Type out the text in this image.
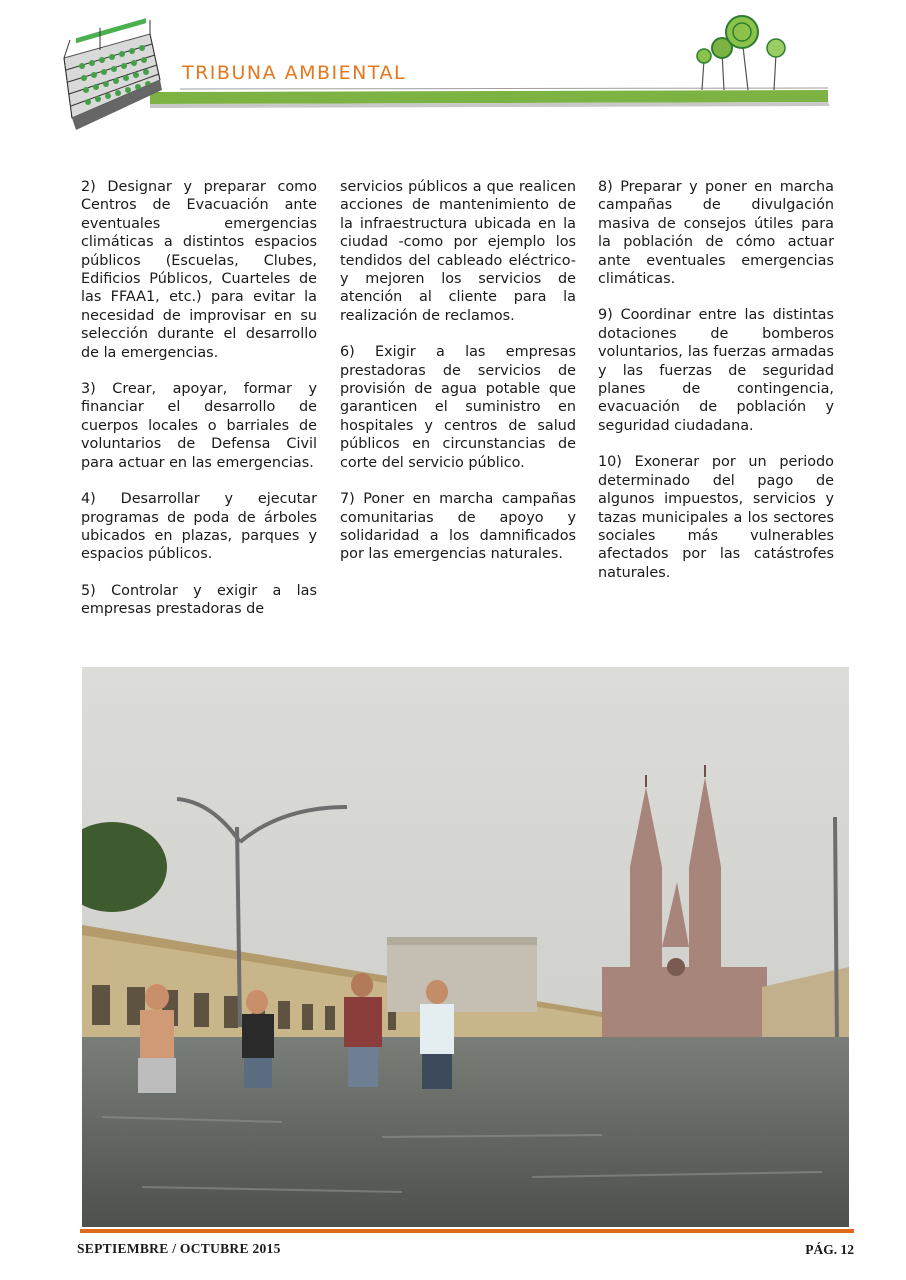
TRIBUNA AMBIENTAL

2) Designar y preparar como Centros de Evacuación ante eventuales emergencias climáticas a distintos espacios públicos (Escuelas, Clubes, Edificios Públicos, Cuarteles de las FFAA1, etc.) para evitar la necesidad de improvisar en su selección durante el desarrollo de la emergencias.

3) Crear, apoyar, formar y financiar el desarrollo de cuerpos locales o barriales de voluntarios de Defensa Civil para actuar en las emergencias.

4) Desarrollar y ejecutar programas de poda de árboles ubicados en plazas, parques y espacios públicos.

5) Controlar y exigir a las empresas prestadoras de

servicios públicos a que realicen acciones de mantenimiento de la infraestructura ubicada en la ciudad -como por ejemplo los tendidos del cableado eléctrico- y mejoren los servicios de atención al cliente para la realización de reclamos.

6) Exigir a las empresas prestadoras de servicios de provisión de agua potable que garanticen el suministro en hospitales y centros de salud públicos en circunstancias de corte del servicio público.

7) Poner en marcha campañas comunitarias de apoyo y solidaridad a los damnificados por las emergencias naturales.

8) Preparar y poner en marcha campañas de divulgación masiva de consejos útiles para la población de cómo actuar ante eventuales emergencias climáticas.

9) Coordinar entre las distintas dotaciones de bomberos voluntarios, las fuerzas armadas y las fuerzas de seguridad planes de contingencia, evacuación de población y seguridad ciudadana.

10) Exonerar por un periodo determinado del pago de algunos impuestos, servicios y tazas municipales a los sectores sociales más vulnerables afectados por las catástrofes naturales.

SEPTIEMBRE / OCTUBRE 2015	PÁG. 12
